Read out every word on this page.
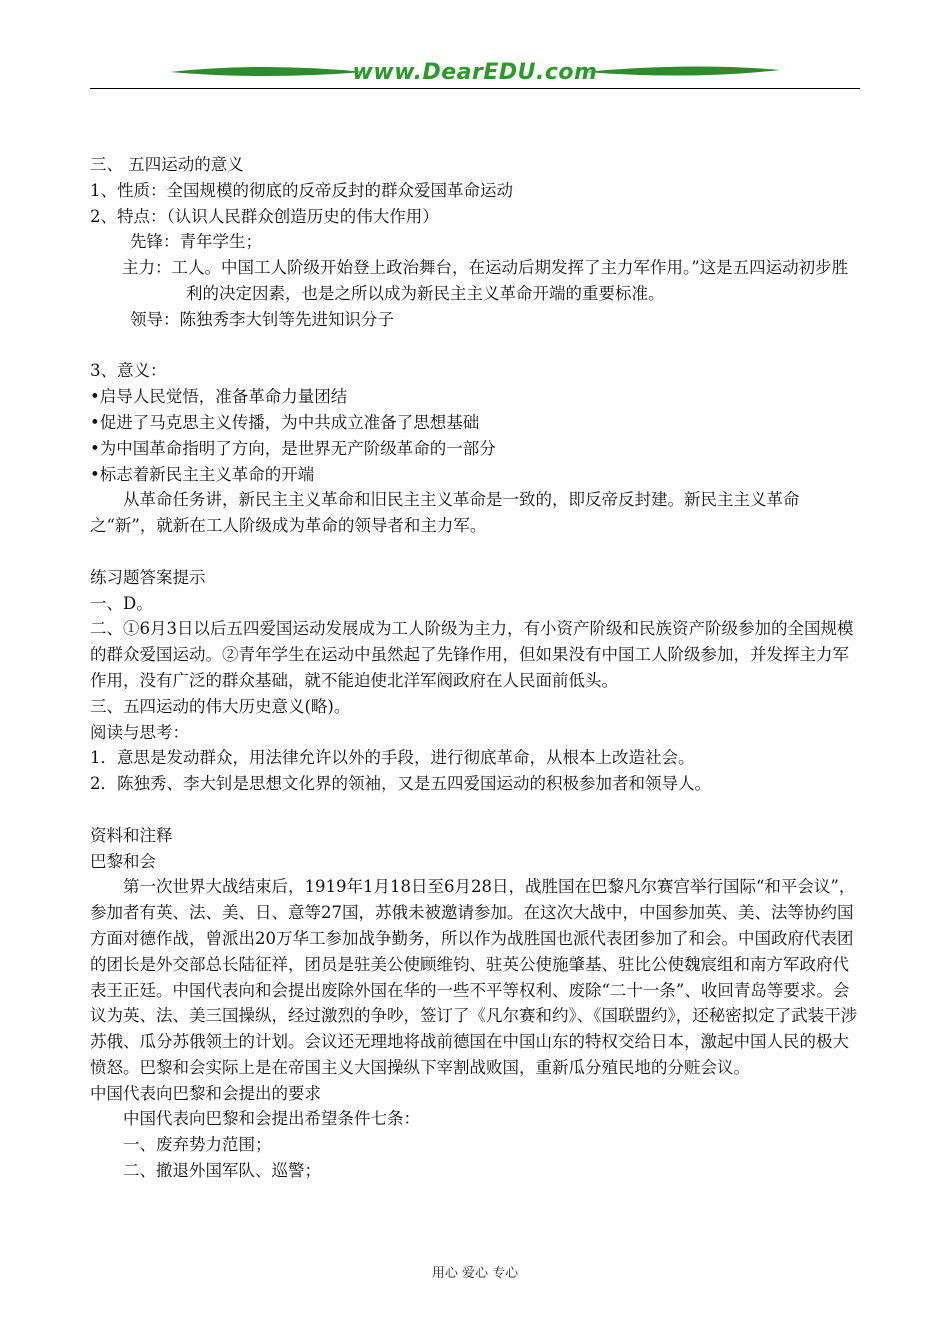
www.DearEDU.com

三、 五四运动的意义

1、性质：全国规模的彻底的反帝反封的群众爱国革命运动

2、特点：（认识人民群众创造历史的伟大作用）

先锋：青年学生；

主力：工人。中国工人阶级开始登上政治舞台，在运动后期发挥了主力军作用。”这是五四运动初步胜利的决定因素，也是之所以成为新民主主义革命开端的重要标准。

领导：陈独秀李大钊等先进知识分子

3、意义：

•启导人民觉悟，准备革命力量团结

•促进了马克思主义传播，为中共成立准备了思想基础

•为中国革命指明了方向，是世界无产阶级革命的一部分

•标志着新民主主义革命的开端

从革命任务讲，新民主主义革命和旧民主主义革命是一致的，即反帝反封建。新民主主义革命之“新”，就新在工人阶级成为革命的领导者和主力军。

练习题答案提示

一、D。

二、①6月3日以后五四爱国运动发展成为工人阶级为主力，有小资产阶级和民族资产阶级参加的全国规模的群众爱国运动。②青年学生在运动中虽然起了先锋作用，但如果没有中国工人阶级参加，并发挥主力军作用，没有广泛的群众基础，就不能迫使北洋军阀政府在人民面前低头。

三、五四运动的伟大历史意义(略)。

阅读与思考：

1．意思是发动群众，用法律允许以外的手段，进行彻底革命，从根本上改造社会。

2．陈独秀、李大钊是思想文化界的领袖，又是五四爱国运动的积极参加者和领导人。

资料和注释

巴黎和会

第一次世界大战结束后，1919年1月18日至6月28日，战胜国在巴黎凡尔赛宫举行国际“和平会议”，参加者有英、法、美、日、意等27国，苏俄未被邀请参加。在这次大战中，中国参加英、美、法等协约国方面对德作战，曾派出20万华工参加战争勤务，所以作为战胜国也派代表团参加了和会。中国政府代表团的团长是外交部总长陆征祥，团员是驻美公使顾维钧、驻英公使施肇基、驻比公使魏宸组和南方军政府代表王正廷。中国代表向和会提出废除外国在华的一些不平等权利、废除“二十一条”、收回青岛等要求。会议为英、法、美三国操纵，经过激烈的争吵，签订了《凡尔赛和约》、《国联盟约》，还秘密拟定了武装干涉苏俄、瓜分苏俄领土的计划。会议还无理地将战前德国在中国山东的特权交给日本，激起中国人民的极大愤怒。巴黎和会实际上是在帝国主义大国操纵下宰割战败国，重新瓜分殖民地的分赃会议。

中国代表向巴黎和会提出的要求

中国代表向巴黎和会提出希望条件七条：

一、废弃势力范围；

二、撤退外国军队、巡警；

用心 爱心 专心
